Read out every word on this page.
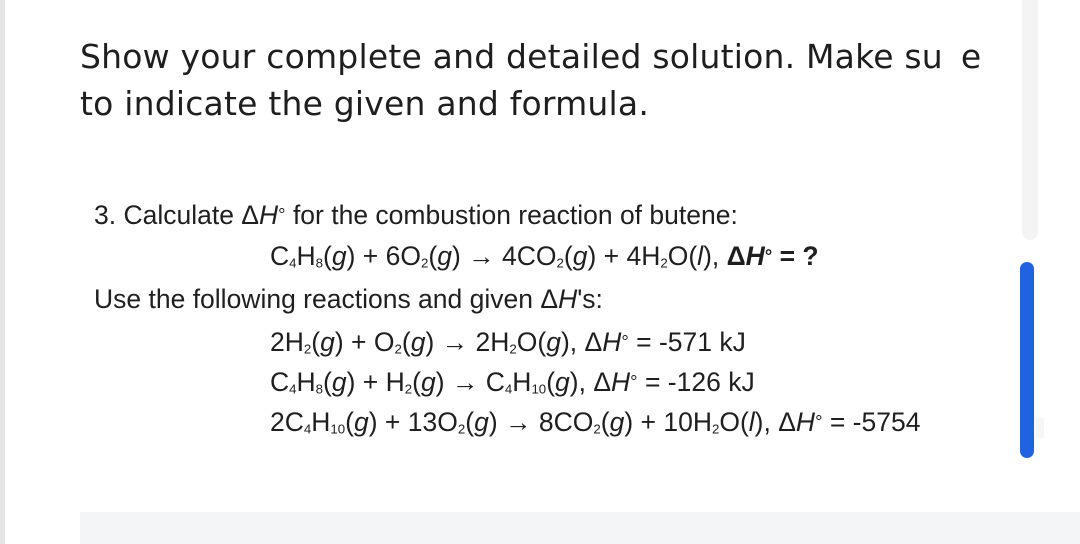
Show your complete and detailed solution. Make su e
to indicate the given and formula.
3. Calculate ΔH° for the combustion reaction of butene:
$C_4H_8(g) + 6O_2(g) \to 4CO_2(g) + 4H_2O(l)$, ΔH° = ?
Use the following reactions and given ΔH's:
$2H_2(g) + O_2(g) \to 2H_2O(g)$, ΔH° = -571 kJ
$C_4H_8(g) + H_2(g) \to C_4H_{10}(g)$, ΔH° = -126 kJ
$2C_4H_{10}(g) + 13O_2(g) \to 8CO_2(g) + 10H_2O(l)$, ΔH° = -5754
